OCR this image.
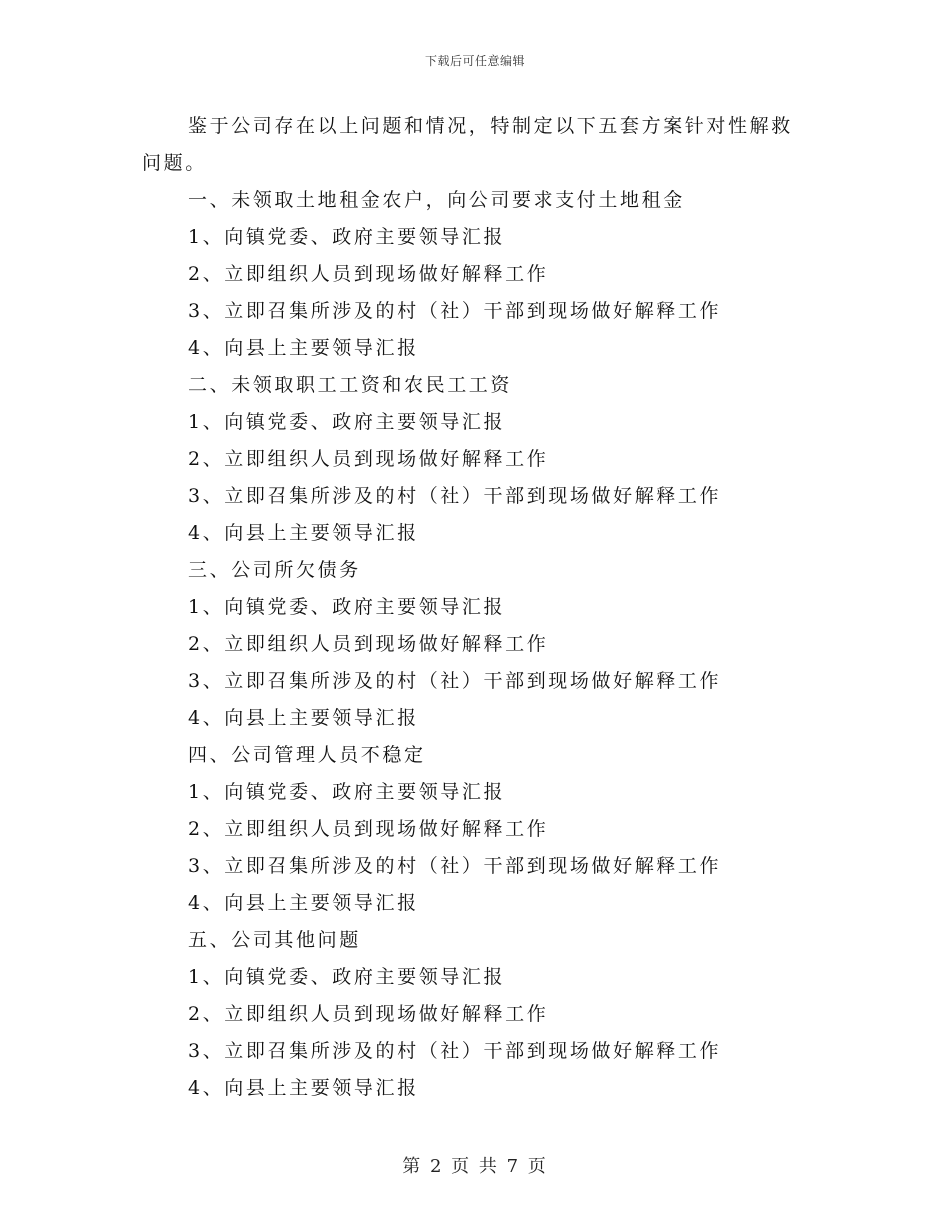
下载后可任意编辑

鉴于公司存在以上问题和情况，特制定以下五套方案针对性解救问题。

一、未领取土地租金农户，向公司要求支付土地租金

1、向镇党委、政府主要领导汇报

2、立即组织人员到现场做好解释工作

3、立即召集所涉及的村（社）干部到现场做好解释工作

4、向县上主要领导汇报

二、未领取职工工资和农民工工资

1、向镇党委、政府主要领导汇报

2、立即组织人员到现场做好解释工作

3、立即召集所涉及的村（社）干部到现场做好解释工作

4、向县上主要领导汇报

三、公司所欠债务

1、向镇党委、政府主要领导汇报

2、立即组织人员到现场做好解释工作

3、立即召集所涉及的村（社）干部到现场做好解释工作

4、向县上主要领导汇报

四、公司管理人员不稳定

1、向镇党委、政府主要领导汇报

2、立即组织人员到现场做好解释工作

3、立即召集所涉及的村（社）干部到现场做好解释工作

4、向县上主要领导汇报

五、公司其他问题

1、向镇党委、政府主要领导汇报

2、立即组织人员到现场做好解释工作

3、立即召集所涉及的村（社）干部到现场做好解释工作

4、向县上主要领导汇报

第 2 页 共 7 页
